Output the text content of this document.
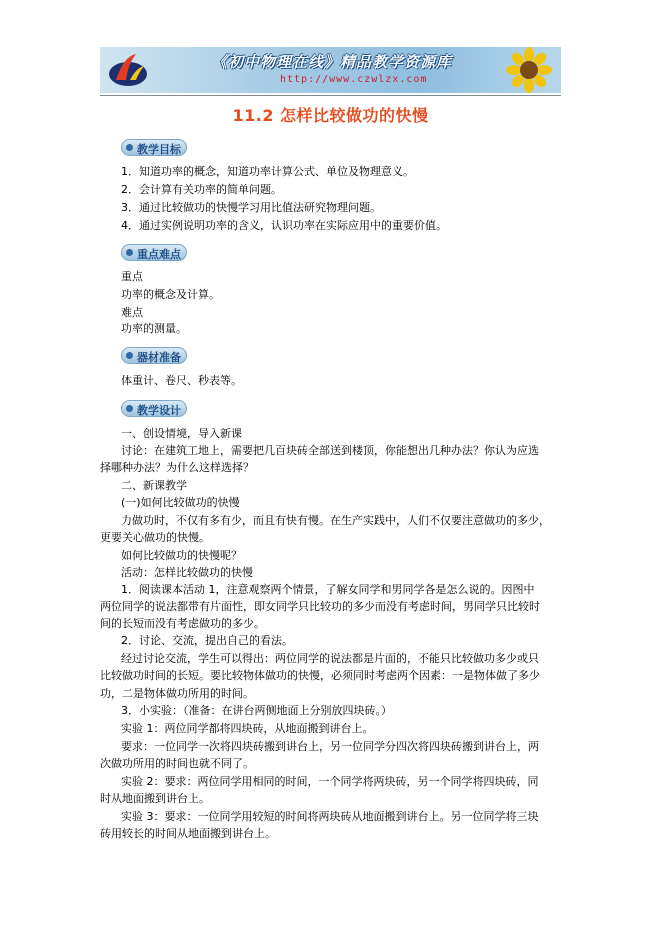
《初中物理在线》精品教学资源库
http://www.czwlzx.com
11.2 怎样比较做功的快慢
教学目标
1．知道功率的概念，知道功率计算公式、单位及物理意义。
2．会计算有关功率的简单问题。
3．通过比较做功的快慢学习用比值法研究物理问题。
4．通过实例说明功率的含义，认识功率在实际应用中的重要价值。
重点难点
重点
功率的概念及计算。
难点
功率的测量。
器材准备
体重计、卷尺、秒表等。
教学设计
一、创设情境，导入新课
讨论：在建筑工地上，需要把几百块砖全部送到楼顶，你能想出几种办法？你认为应选
择哪种办法？为什么这样选择？
二、新课教学
(一)如何比较做功的快慢
力做功时，不仅有多有少，而且有快有慢。在生产实践中，人们不仅要注意做功的多少，
更要关心做功的快慢。
如何比较做功的快慢呢？
活动：怎样比较做功的快慢
1．阅读课本活动 1，注意观察两个情景，了解女同学和男同学各是怎么说的。因图中
两位同学的说法都带有片面性，即女同学只比较功的多少而没有考虑时间，男同学只比较时
间的长短而没有考虑做功的多少。
2．讨论、交流，提出自己的看法。
经过讨论交流，学生可以得出：两位同学的说法都是片面的，不能只比较做功多少或只
比较做功时间的长短。要比较物体做功的快慢，必须同时考虑两个因素：一是物体做了多少
功，二是物体做功所用的时间。
3．小实验：（准备：在讲台两侧地面上分别放四块砖。）
实验 1：两位同学都将四块砖，从地面搬到讲台上。
要求：一位同学一次将四块砖搬到讲台上，另一位同学分四次将四块砖搬到讲台上，两
次做功所用的时间也就不同了。
实验 2：要求：两位同学用相同的时间，一个同学将两块砖，另一个同学将四块砖，同
时从地面搬到讲台上。
实验 3：要求：一位同学用较短的时间将两块砖从地面搬到讲台上。另一位同学将三块
砖用较长的时间从地面搬到讲台上。
